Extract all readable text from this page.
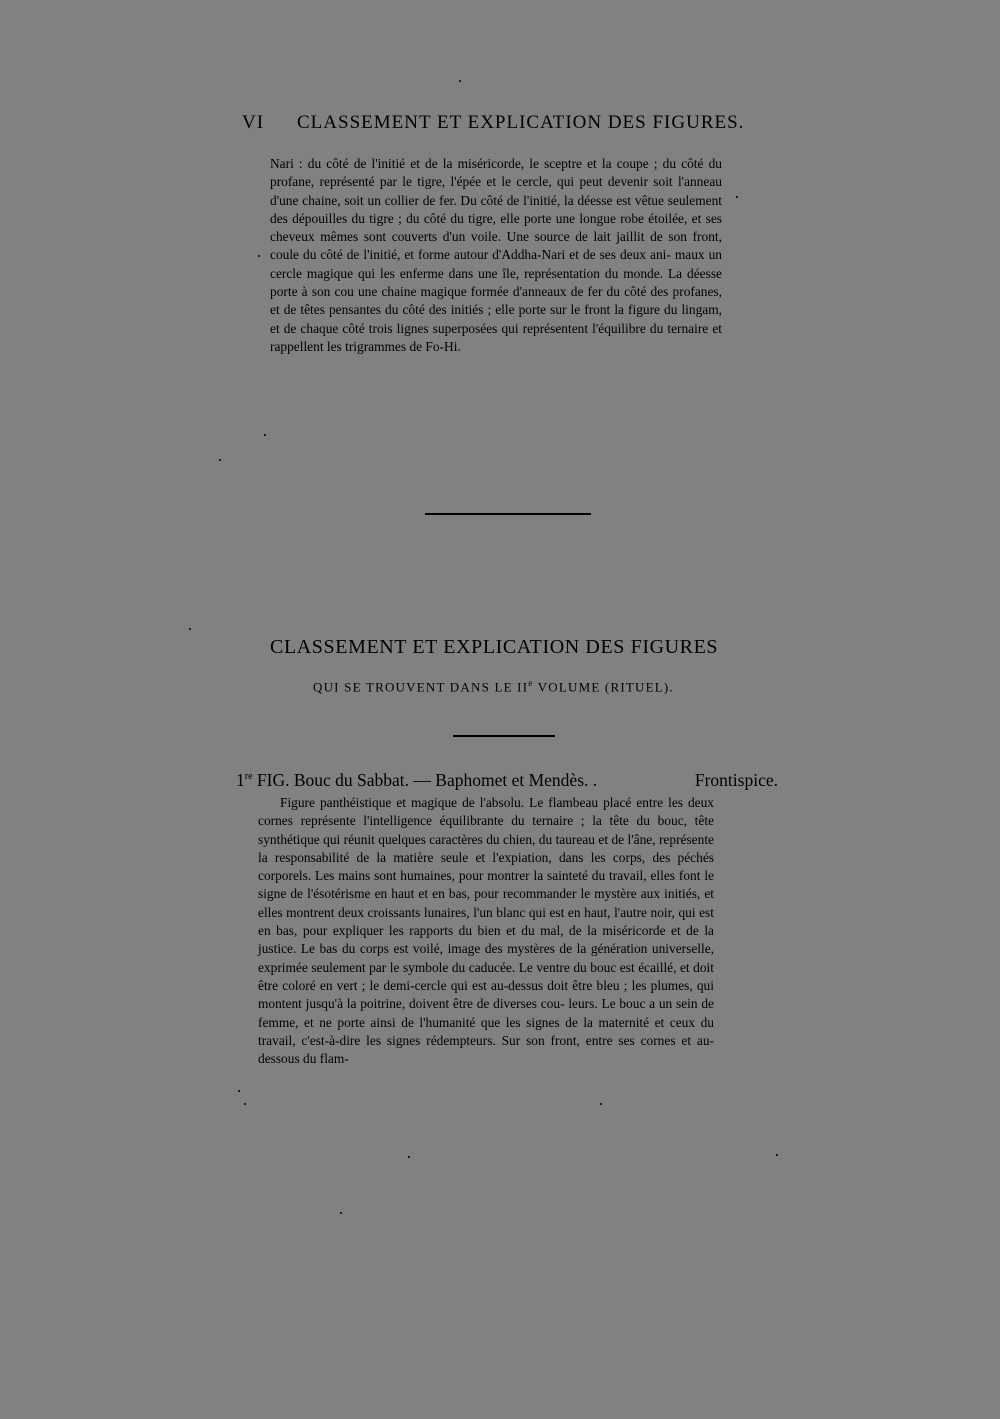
VI CLASSEMENT ET EXPLICATION DES FIGURES.
Nari : du côté de l'initié et de la miséricorde, le sceptre et la coupe ; du côté du profane, représenté par le tigre, l'épée et le cercle, qui peut devenir soit l'anneau d'une chaine, soit un collier de fer. Du côté de l'initié, la déesse est vêtue seulement des dépouilles du tigre ; du côté du tigre, elle porte une longue robe étoilée, et ses cheveux mêmes sont couverts d'un voile. Une source de lait jaillit de son front, coule du côté de l'initié, et forme autour d'Addha-Nari et de ses deux ani- maux un cercle magique qui les enferme dans une île, représentation du monde. La déesse porte à son cou une chaine magique formée d'anneaux de fer du côté des profanes, et de têtes pensantes du côté des initiés ; elle porte sur le front la figure du lingam, et de chaque côté trois lignes superposées qui représentent l'équilibre du ternaire et rappellent les trigrammes de Fo-Hi.
CLASSEMENT ET EXPLICATION DES FIGURES
QUI SE TROUVENT DANS LE IIe VOLUME (RITUEL).
1re FIG. Bouc du Sabbat. — Baphomet et Mendès. .	Frontispice.
Figure panthéistique et magique de l'absolu. Le flambeau placé entre les deux cornes représente l'intelligence équilibrante du ternaire ; la tête du bouc, tête synthétique qui réunit quelques caractères du chien, du taureau et de l'âne, représente la responsabilité de la matière seule et l'expiation, dans les corps, des péchés corporels. Les mains sont humaines, pour montrer la sainteté du travail, elles font le signe de l'ésotérisme en haut et en bas, pour recommander le mystère aux initiés, et elles montrent deux croissants lunaires, l'un blanc qui est en haut, l'autre noir, qui est en bas, pour expliquer les rapports du bien et du mal, de la miséricorde et de la justice. Le bas du corps est voilé, image des mystères de la génération universelle, exprimée seulement par le symbole du caducée. Le ventre du bouc est écaillé, et doit être coloré en vert ; le demi-cercle qui est au-dessus doit être bleu ; les plumes, qui montent jusqu'à la poitrine, doivent être de diverses cou- leurs. Le bouc a un sein de femme, et ne porte ainsi de l'humanité que les signes de la maternité et ceux du travail, c'est-à-dire les signes rédempteurs. Sur son front, entre ses cornes et au-dessous du flam-
